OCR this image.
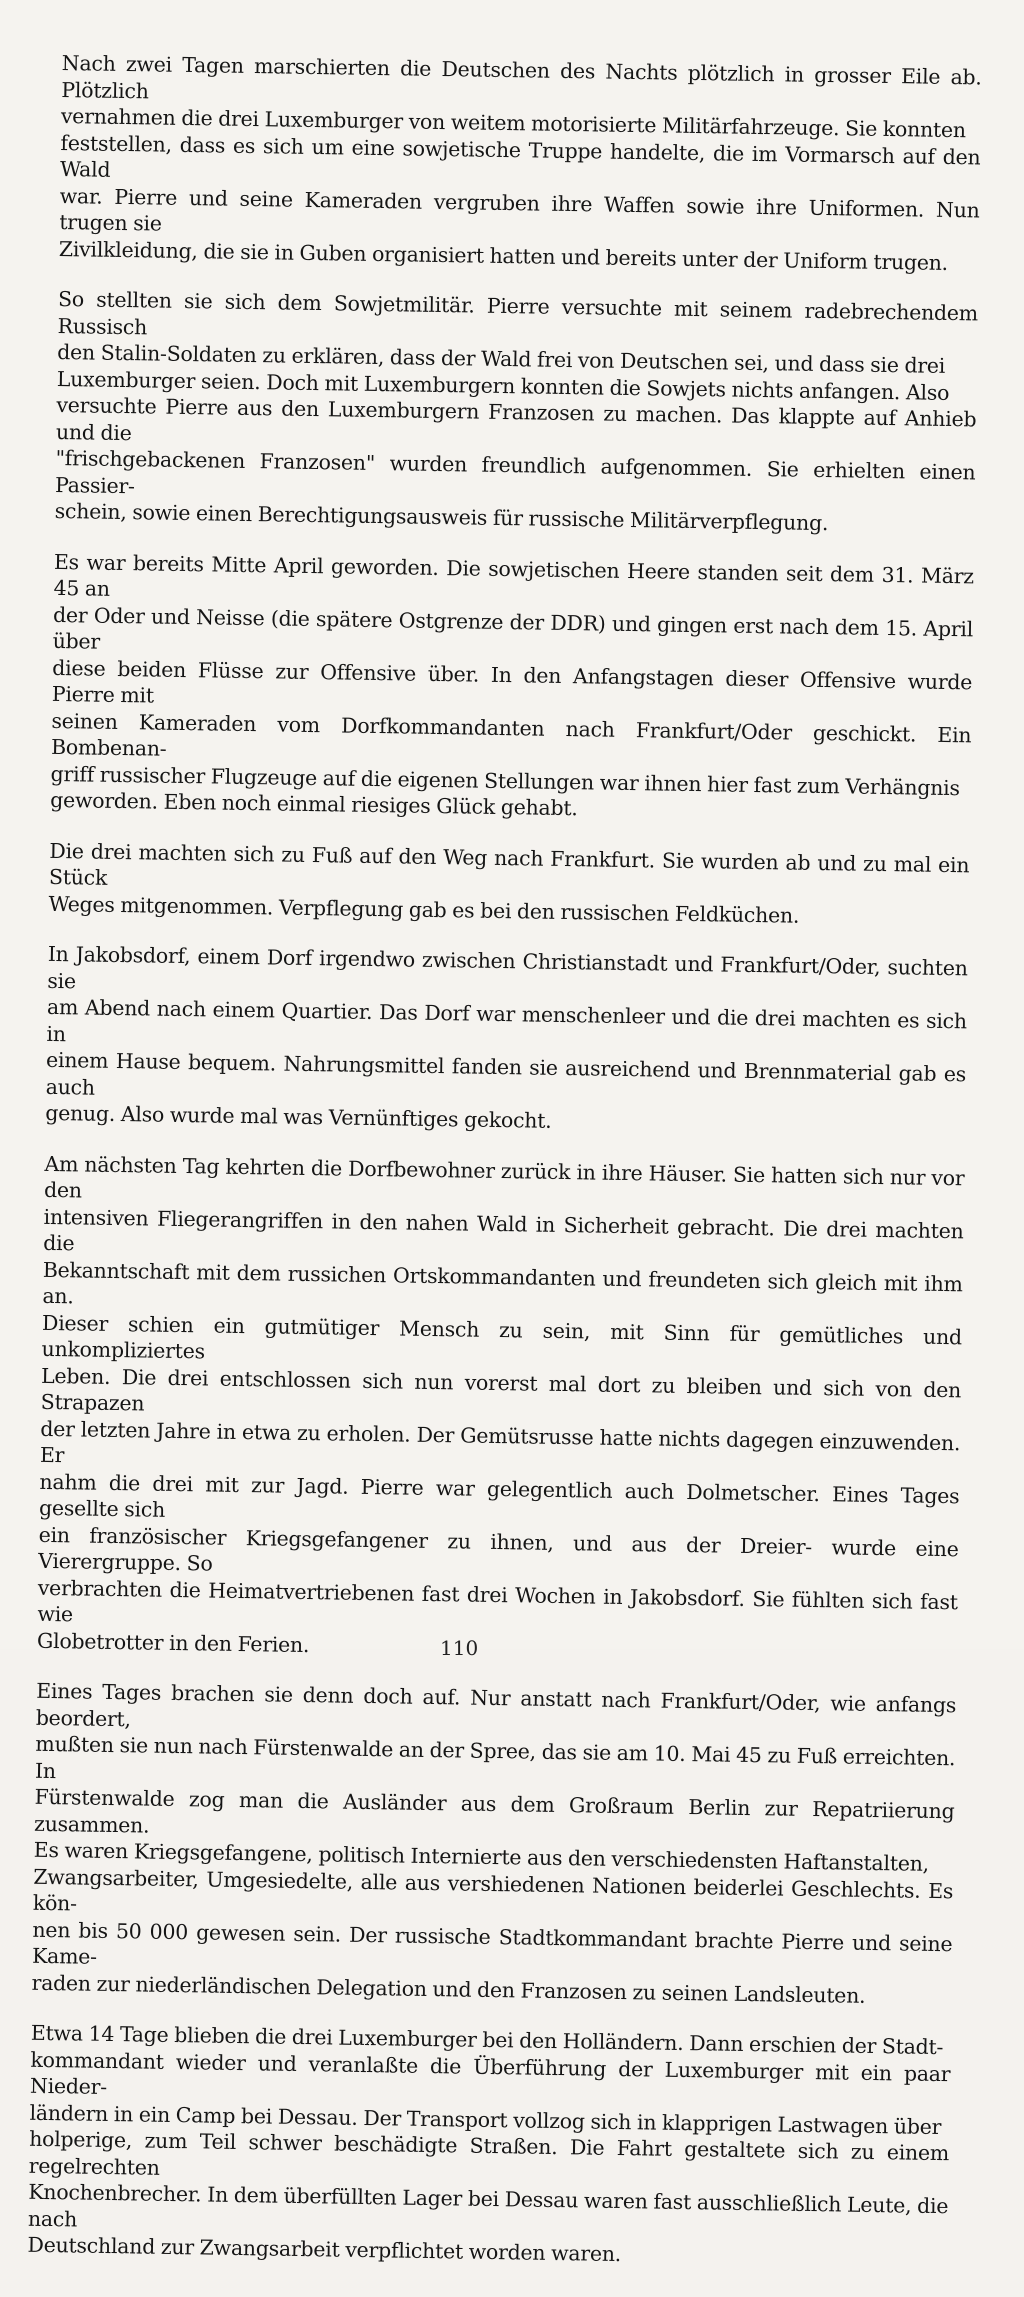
Nach zwei Tagen marschierten die Deutschen des Nachts plötzlich in grosser Eile ab. Plötzlich
vernahmen die drei Luxemburger von weitem motorisierte Militärfahrzeuge. Sie konnten
feststellen, dass es sich um eine sowjetische Truppe handelte, die im Vormarsch auf den Wald
war. Pierre und seine Kameraden vergruben ihre Waffen sowie ihre Uniformen. Nun trugen sie
Zivilkleidung, die sie in Guben organisiert hatten und bereits unter der Uniform trugen.

So stellten sie sich dem Sowjetmilitär. Pierre versuchte mit seinem radebrechendem Russisch
den Stalin-Soldaten zu erklären, dass der Wald frei von Deutschen sei, und dass sie drei
Luxemburger seien. Doch mit Luxemburgern konnten die Sowjets nichts anfangen. Also
versuchte Pierre aus den Luxemburgern Franzosen zu machen. Das klappte auf Anhieb und die
"frischgebackenen Franzosen" wurden freundlich aufgenommen. Sie erhielten einen Passier-
schein, sowie einen Berechtigungsausweis für russische Militärverpflegung.

Es war bereits Mitte April geworden. Die sowjetischen Heere standen seit dem 31. März 45 an
der Oder und Neisse (die spätere Ostgrenze der DDR) und gingen erst nach dem 15. April über
diese beiden Flüsse zur Offensive über. In den Anfangstagen dieser Offensive wurde Pierre mit
seinen Kameraden vom Dorfkommandanten nach Frankfurt/Oder geschickt. Ein Bombenan-
griff russischer Flugzeuge auf die eigenen Stellungen war ihnen hier fast zum Verhängnis
geworden. Eben noch einmal riesiges Glück gehabt.

Die drei machten sich zu Fuß auf den Weg nach Frankfurt. Sie wurden ab und zu mal ein Stück
Weges mitgenommen. Verpflegung gab es bei den russischen Feldküchen.

In Jakobsdorf, einem Dorf irgendwo zwischen Christianstadt und Frankfurt/Oder, suchten sie
am Abend nach einem Quartier. Das Dorf war menschenleer und die drei machten es sich in
einem Hause bequem. Nahrungsmittel fanden sie ausreichend und Brennmaterial gab es auch
genug. Also wurde mal was Vernünftiges gekocht.

Am nächsten Tag kehrten die Dorfbewohner zurück in ihre Häuser. Sie hatten sich nur vor den
intensiven Fliegerangriffen in den nahen Wald in Sicherheit gebracht. Die drei machten die
Bekanntschaft mit dem russichen Ortskommandanten und freundeten sich gleich mit ihm an.
Dieser schien ein gutmütiger Mensch zu sein, mit Sinn für gemütliches und unkompliziertes
Leben. Die drei entschlossen sich nun vorerst mal dort zu bleiben und sich von den Strapazen
der letzten Jahre in etwa zu erholen. Der Gemütsrusse hatte nichts dagegen einzuwenden. Er
nahm die drei mit zur Jagd. Pierre war gelegentlich auch Dolmetscher. Eines Tages gesellte sich
ein französischer Kriegsgefangener zu ihnen, und aus der Dreier- wurde eine Vierergruppe. So
verbrachten die Heimatvertriebenen fast drei Wochen in Jakobsdorf. Sie fühlten sich fast wie
Globetrotter in den Ferien.

Eines Tages brachen sie denn doch auf. Nur anstatt nach Frankfurt/Oder, wie anfangs beordert,
mußten sie nun nach Fürstenwalde an der Spree, das sie am 10. Mai 45 zu Fuß erreichten. In
Fürstenwalde zog man die Ausländer aus dem Großraum Berlin zur Repatriierung zusammen.
Es waren Kriegsgefangene, politisch Internierte aus den verschiedensten Haftanstalten,
Zwangsarbeiter, Umgesiedelte, alle aus vershiedenen Nationen beiderlei Geschlechts. Es kön-
nen bis 50 000 gewesen sein. Der russische Stadtkommandant brachte Pierre und seine Kame-
raden zur niederländischen Delegation und den Franzosen zu seinen Landsleuten.

Etwa 14 Tage blieben die drei Luxemburger bei den Holländern. Dann erschien der Stadt-
kommandant wieder und veranlaßte die Überführung der Luxemburger mit ein paar Nieder-
ländern in ein Camp bei Dessau. Der Transport vollzog sich in klapprigen Lastwagen über
holperige, zum Teil schwer beschädigte Straßen. Die Fahrt gestaltete sich zu einem regelrechten
Knochenbrecher. In dem überfüllten Lager bei Dessau waren fast ausschließlich Leute, die nach
Deutschland zur Zwangsarbeit verpflichtet worden waren.

110
